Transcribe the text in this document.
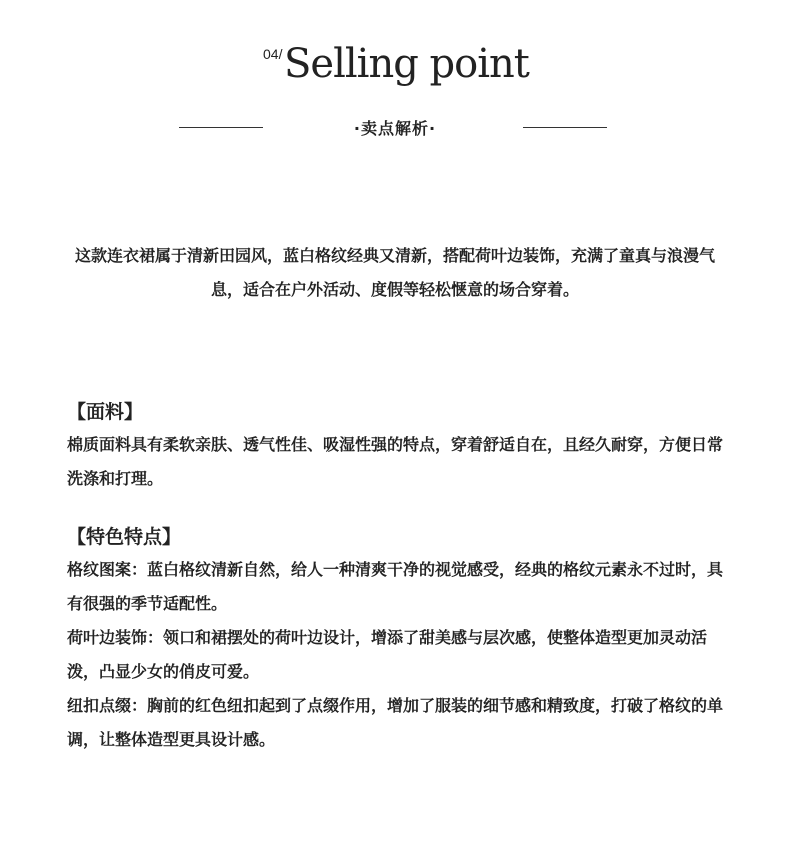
04/ Selling point
·卖点解析·

这款连衣裙属于清新田园风，蓝白格纹经典又清新，搭配荷叶边装饰，充满了童真与浪漫气息，适合在户外活动、度假等轻松惬意的场合穿着。

【面料】

棉质面料具有柔软亲肤、透气性佳、吸湿性强的特点，穿着舒适自在，且经久耐穿，方便日常洗涤和打理。

【特色特点】

格纹图案：蓝白格纹清新自然，给人一种清爽干净的视觉感受，经典的格纹元素永不过时，具有很强的季节适配性。

荷叶边装饰：领口和裙摆处的荷叶边设计，增添了甜美感与层次感，使整体造型更加灵动活泼，凸显少女的俏皮可爱。

纽扣点缀：胸前的红色纽扣起到了点缀作用，增加了服装的细节感和精致度，打破了格纹的单调，让整体造型更具设计感。
